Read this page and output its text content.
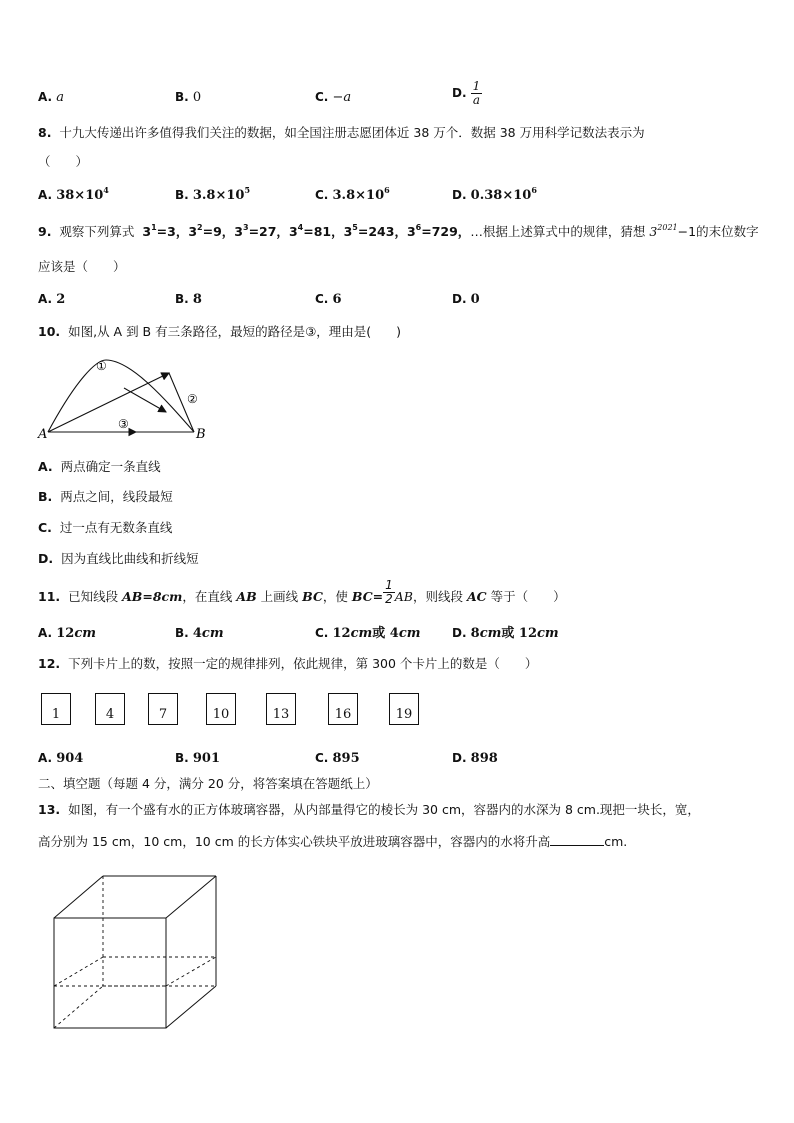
A. a	B. 0	C. −a	D. $\frac{1}{a}$
8. 十九大传递出许多值得我们关注的数据，如全国注册志愿团体近 38 万个．数据 38 万用科学记数法表示为
（　　）
A. $38\times 10^4$	B. $3.8\times 10^5$	C. $3.8\times 10^6$	D. $0.38\times 10^6$
9. 观察下列算式 $3^1=3$，$3^2=9$，$3^3=27$，$3^4=81$，$3^5=243$，$3^6=729$，…根据上述算式中的规律，猜想 $3^{2021}-1$的末位数字
应该是（　　）
A. 2	B. 8	C. 6	D. 0
10. 如图,从 A 到 B 有三条路径，最短的路径是③，理由是(　　)
A	B
①
②
③
A. 两点确定一条直线
B. 两点之间，线段最短
C. 过一点有无数条直线
D. 因为直线比曲线和折线短
11. 已知线段 AB=8cm，在直线 AB 上画线 BC，使 $BC= \frac{1}{2}$ AB，则线段 AC 等于（　　）
A. 12cm	B. 4cm	C. 12cm或 4cm	D. 8cm或 12cm
12. 下列卡片上的数，按照一定的规律排列，依此规律，第 300 个卡片上的数是（　　）
1	4	7	10	13	16	19
A. 904	B. 901	C. 895	D. 898
二、填空题（每题 4 分，满分 20 分，将答案填在答题纸上）
13. 如图，有一个盛有水的正方体玻璃容器，从内部量得它的棱长为 30 cm，容器内的水深为 8 cm.现把一块长，宽，
高分别为 15 cm，10 cm，10 cm 的长方体实心铁块平放进玻璃容器中，容器内的水将升高	cm.
